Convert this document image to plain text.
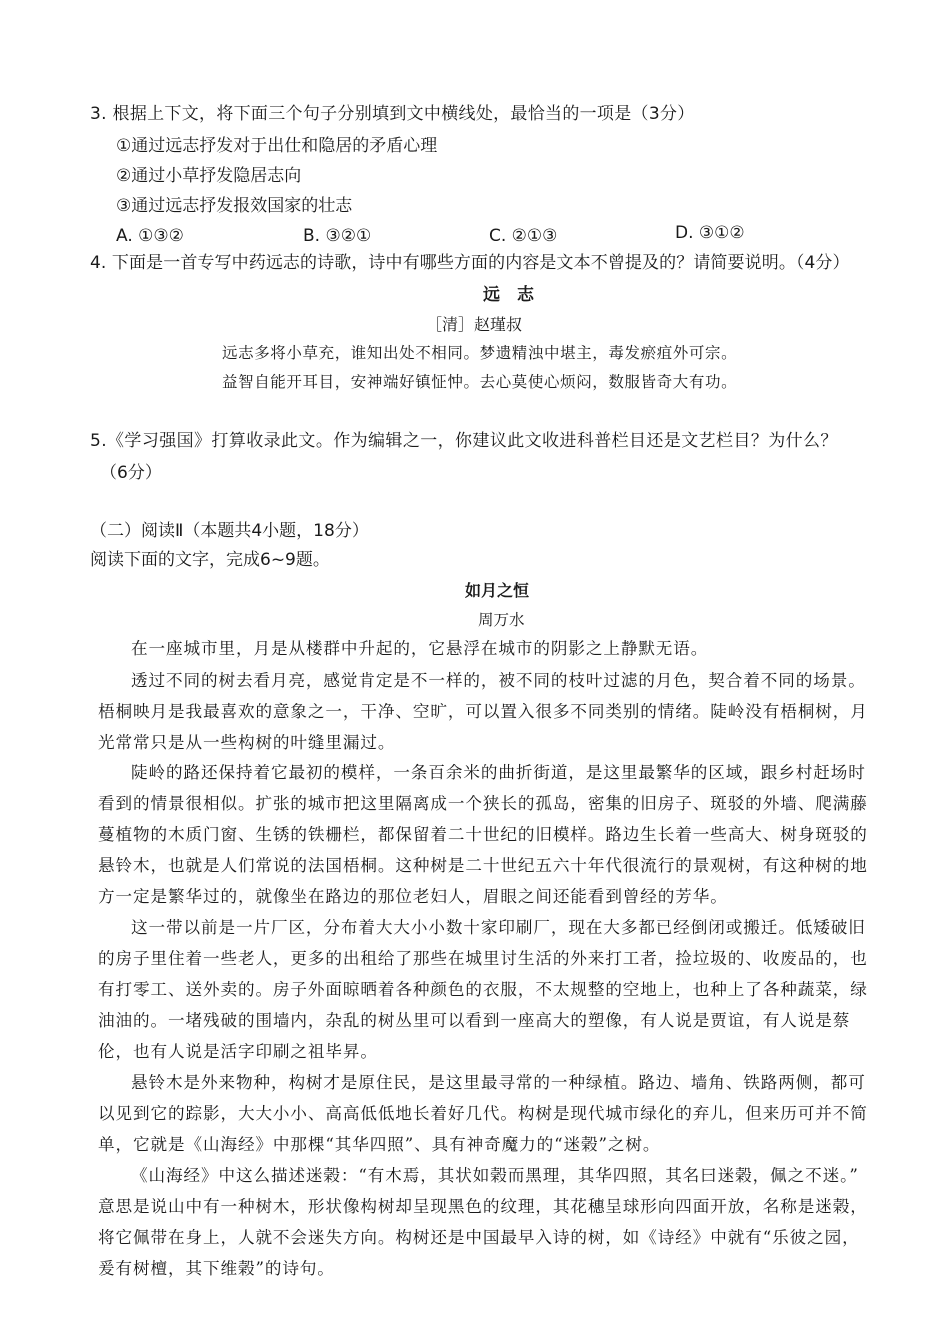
3. 根据上下文，将下面三个句子分别填到文中横线处，最恰当的一项是（3分）
①通过远志抒发对于出仕和隐居的矛盾心理
②通过小草抒发隐居志向
③通过远志抒发报效国家的壮志
A. ①③②	B. ③②①	C. ②①③	D. ③①②
4. 下面是一首专写中药远志的诗歌，诗中有哪些方面的内容是文本不曾提及的？请简要说明。（4分）
远　志
［清］赵瑾叔
远志多将小草充，谁知出处不相同。梦遗精浊中堪主，毒发瘀疽外可宗。
益智自能开耳目，安神端好镇怔忡。去心莫使心烦闷，数服皆奇大有功。
5.《学习强国》打算收录此文。作为编辑之一，你建议此文收进科普栏目还是文艺栏目？为什么？
（6分）
（二）阅读Ⅱ（本题共4小题，18分）
阅读下面的文字，完成6~9题。
如月之恒
周万水
在一座城市里，月是从楼群中升起的，它悬浮在城市的阴影之上静默无语。
透过不同的树去看月亮，感觉肯定是不一样的，被不同的枝叶过滤的月色，契合着不同的场景。
梧桐映月是我最喜欢的意象之一，干净、空旷，可以置入很多不同类别的情绪。陡岭没有梧桐树，月
光常常只是从一些构树的叶缝里漏过。
陡岭的路还保持着它最初的模样，一条百余米的曲折街道，是这里最繁华的区域，跟乡村赶场时
看到的情景很相似。扩张的城市把这里隔离成一个狭长的孤岛，密集的旧房子、斑驳的外墙、爬满藤
蔓植物的木质门窗、生锈的铁栅栏，都保留着二十世纪的旧模样。路边生长着一些高大、树身斑驳的
悬铃木，也就是人们常说的法国梧桐。这种树是二十世纪五六十年代很流行的景观树，有这种树的地
方一定是繁华过的，就像坐在路边的那位老妇人，眉眼之间还能看到曾经的芳华。
这一带以前是一片厂区，分布着大大小小数十家印刷厂，现在大多都已经倒闭或搬迁。低矮破旧
的房子里住着一些老人，更多的出租给了那些在城里讨生活的外来打工者，捡垃圾的、收废品的，也
有打零工、送外卖的。房子外面晾晒着各种颜色的衣服，不太规整的空地上，也种上了各种蔬菜，绿
油油的。一堵残破的围墙内，杂乱的树丛里可以看到一座高大的塑像，有人说是贾谊，有人说是蔡
伦，也有人说是活字印刷之祖毕昇。
悬铃木是外来物种，构树才是原住民，是这里最寻常的一种绿植。路边、墙角、铁路两侧，都可
以见到它的踪影，大大小小、高高低低地长着好几代。构树是现代城市绿化的弃儿，但来历可并不简
单，它就是《山海经》中那棵“其华四照”、具有神奇魔力的“迷榖”之树。
《山海经》中这么描述迷榖：“有木焉，其状如榖而黑理，其华四照，其名曰迷榖，佩之不迷。”
意思是说山中有一种树木，形状像构树却呈现黑色的纹理，其花穗呈球形向四面开放，名称是迷榖，
将它佩带在身上，人就不会迷失方向。构树还是中国最早入诗的树，如《诗经》中就有“乐彼之园，
爰有树檀，其下维榖”的诗句。
